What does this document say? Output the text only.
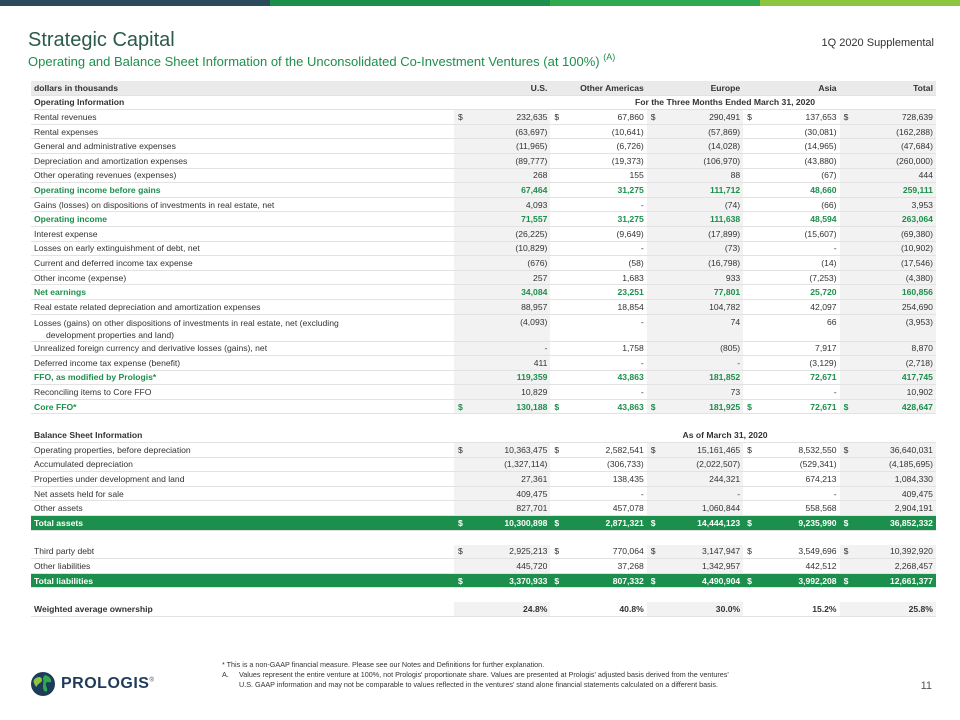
Strategic Capital
Operating and Balance Sheet Information of the Unconsolidated Co-Investment Ventures (at 100%) $^{(A)}$
1Q 2020 Supplemental
dollars in thousands	U.S.	Other Americas	Europe	Asia	Total
Operating Information	For the Three Months Ended March 31, 2020
Rental revenues	$	232,635 $	67,860 $	290,491 $	137,653 $	728,639
Rental expenses	(63,697)	(10,641)	(57,869)	(30,081)	(162,288)
General and administrative expenses	(11,965)	(6,726)	(14,028)	(14,965)	(47,684)
Depreciation and amortization expenses	(89,777)	(19,373)	(106,970)	(43,880)	(260,000)
Other operating revenues (expenses)	268	155	88	(67)	444
Operating income before gains	67,464	31,275	111,712	48,660	259,111
Gains (losses) on dispositions of investments in real estate, net	4,093	-	(74)	(66)	3,953
Operating income	71,557	31,275	111,638	48,594	263,064
Interest expense	(26,225)	(9,649)	(17,899)	(15,607)	(69,380)
Losses on early extinguishment of debt, net	(10,829)	-	(73)	-	(10,902)
Current and deferred income tax expense	(676)	(58)	(16,798)	(14)	(17,546)
Other income (expense)	257	1,683	933	(7,253)	(4,380)
Net earnings	34,084	23,251	77,801	25,720	160,856
Real estate related depreciation and amortization expenses	88,957	18,854	104,782	42,097	254,690
Losses (gains) on other dispositions of investments in real estate, net (excluding
development properties and land)
(4,093)	-	74	66	(3,953)
Unrealized foreign currency and derivative losses (gains), net	-	1,758	(805)	7,917	8,870
Deferred income tax expense (benefit)	411	-	-	(3,129)	(2,718)
FFO, as modified by Prologis*	119,359	43,863	181,852	72,671	417,745
Reconciling items to Core FFO	10,829	-	73	-	10,902
Core FFO*	$	130,188 $	43,863 $	181,925 $	72,671 $	428,647
Balance Sheet Information	As of March 31, 2020
Operating properties, before depreciation	$	10,363,475 $	2,582,541 $	15,161,465 $	8,532,550 $	36,640,031
Accumulated depreciation	(1,327,114)	(306,733)	(2,022,507)	(529,341)	(4,185,695)
Properties under development and land	27,361	138,435	244,321	674,213	1,084,330
Net assets held for sale	409,475	-	-	-	409,475
Other assets	827,701	457,078	1,060,844	558,568	2,904,191
Total assets	$	10,300,898 $	2,871,321 $	14,444,123 $	9,235,990 $	36,852,332
Third party debt	$	2,925,213 $	770,064 $	3,147,947 $	3,549,696 $	10,392,920
Other liabilities	445,720	37,268	1,342,957	442,512	2,268,457
Total liabilities	$	3,370,933 $	807,332 $	4,490,904 $	3,992,208 $	12,661,377
Weighted average ownership	24.8%	40.8%	30.0%	15.2%	25.8%
* This is a non-GAAP financial measure. Please see our Notes and Definitions for further explanation.
A.	Values represent the entire venture at 100%, not Prologis' proportionate share. Values are presented at Prologis' adjusted basis derived from the ventures'
U.S. GAAP information and may not be comparable to values reflected in the ventures' stand alone financial statements calculated on a different basis.
PROLOGIS®	11
